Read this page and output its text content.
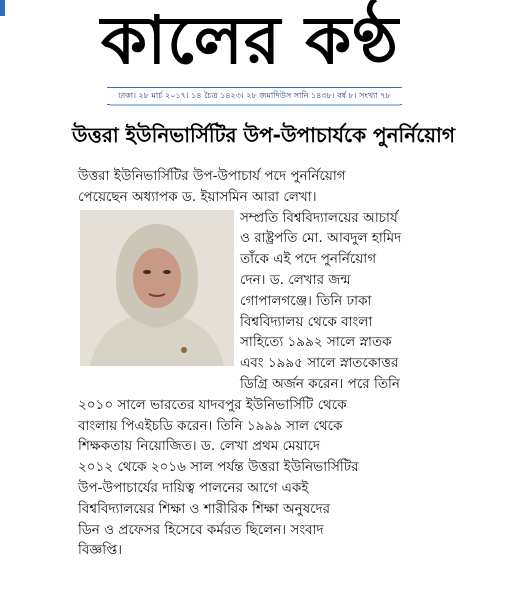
কালের কণ্ঠ
ঢাকা। ২৮ মার্চ ২০১৭। ১৪ চৈত্র ১৪২৩। ২৮ জমাদিউস সানি ১৪৩৮। বর্ষ ৮। সংখ্যা ৭৮
উত্তরা ইউনিভার্সিটির উপ-উপাচার্যকে পুনর্নিয়োগ
উত্তরা ইউনিভার্সিটির উপ-উপাচার্য পদে পুনর্নিয়োগ
পেয়েছেন অধ্যাপক ড. ইয়াসমিন আরা লেখা।
সম্প্রতি বিশ্ববিদ্যালয়ের আচার্য
ও রাষ্ট্রপতি মো. আবদুল হামিদ
তাঁকে এই পদে পুনর্নিয়োগ
দেন। ড. লেখার জন্ম
গোপালগঞ্জে। তিনি ঢাকা
বিশ্ববিদ্যালয় থেকে বাংলা
সাহিত্যে ১৯৯২ সালে স্নাতক
এবং ১৯৯৫ সালে স্নাতকোত্তর
ডিগ্রি অর্জন করেন। পরে তিনি
২০১০ সালে ভারতের যাদবপুর ইউনিভার্সিটি থেকে
বাংলায় পিএইচডি করেন। তিনি ১৯৯৯ সাল থেকে
শিক্ষকতায় নিয়োজিত। ড. লেখা প্রথম মেয়াদে
২০১২ থেকে ২০১৬ সাল পর্যন্ত উত্তরা ইউনিভার্সিটির
উপ-উপাচার্যের দায়িত্ব পালনের আগে একই
বিশ্ববিদ্যালয়ের শিক্ষা ও শারীরিক শিক্ষা অনুষদের
ডিন ও প্রফেসর হিসেবে কর্মরত ছিলেন। সংবাদ
বিজ্ঞপ্তি।
